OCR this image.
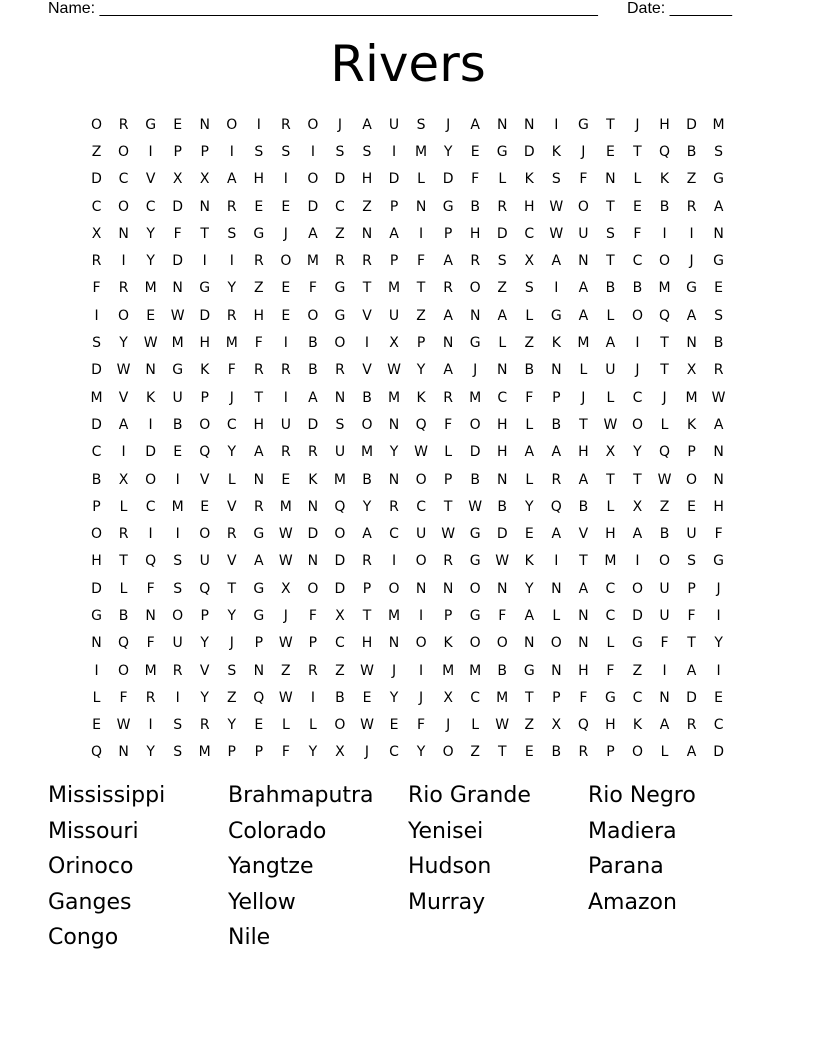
Name: ________________________________________________________ Date: _______
Rivers
O	R	G	E	N	O	I	R	O	J	A	U	S	J	A	N	N	I	G	T	J	H	D	M
Z	O	I	P	P	I	S	S	I	S	S	I	M	Y	E	G	D	K	J	E	T	Q	B	S
D	C	V	X	X	A	H	I	O	D	H	D	L	D	F	L	K	S	F	N	L	K	Z	G
C	O	C	D	N	R	E	E	D	C	Z	P	N	G	B	R	H	W	O	T	E	B	R	A
X	N	Y	F	T	S	G	J	A	Z	N	A	I	P	H	D	C	W	U	S	F	I	I	N
R	I	Y	D	I	I	R	O	M	R	R	P	F	A	R	S	X	A	N	T	C	O	J	G
F	R	M	N	G	Y	Z	E	F	G	T	M	T	R	O	Z	S	I	A	B	B	M	G	E
I	O	E	W	D	R	H	E	O	G	V	U	Z	A	N	A	L	G	A	L	O	Q	A	S
S	Y	W	M	H	M	F	I	B	O	I	X	P	N	G	L	Z	K	M	A	I	T	N	B
D	W	N	G	K	F	R	R	B	R	V	W	Y	A	J	N	B	N	L	U	J	T	X	R
M	V	K	U	P	J	T	I	A	N	B	M	K	R	M	C	F	P	J	L	C	J	M	W
D	A	I	B	O	C	H	U	D	S	O	N	Q	F	O	H	L	B	T	W	O	L	K	A
C	I	D	E	Q	Y	A	R	R	U	M	Y	W	L	D	H	A	A	H	X	Y	Q	P	N
B	X	O	I	V	L	N	E	K	M	B	N	O	P	B	N	L	R	A	T	T	W	O	N
P	L	C	M	E	V	R	M	N	Q	Y	R	C	T	W	B	Y	Q	B	L	X	Z	E	H
O	R	I	I	O	R	G	W	D	O	A	C	U	W	G	D	E	A	V	H	A	B	U	F
H	T	Q	S	U	V	A	W	N	D	R	I	O	R	G	W	K	I	T	M	I	O	S	G
D	L	F	S	Q	T	G	X	O	D	P	O	N	N	O	N	Y	N	A	C	O	U	P	J
G	B	N	O	P	Y	G	J	F	X	T	M	I	P	G	F	A	L	N	C	D	U	F	I
N	Q	F	U	Y	J	P	W	P	C	H	N	O	K	O	O	N	O	N	L	G	F	T	Y
I	O	M	R	V	S	N	Z	R	Z	W	J	I	M	M	B	G	N	H	F	Z	I	A	I
L	F	R	I	Y	Z	Q	W	I	B	E	Y	J	X	C	M	T	P	F	G	C	N	D	E
E	W	I	S	R	Y	E	L	L	O	W	E	F	J	L	W	Z	X	Q	H	K	A	R	C
Q	N	Y	S	M	P	P	F	Y	X	J	C	Y	O	Z	T	E	B	R	P	O	L	A	D
Mississippi	Brahmaputra	Rio Grande	Rio Negro
Missouri	Colorado	Yenisei	Madiera
Orinoco	Yangtze	Hudson	Parana
Ganges	Yellow	Murray	Amazon
Congo	Nile
